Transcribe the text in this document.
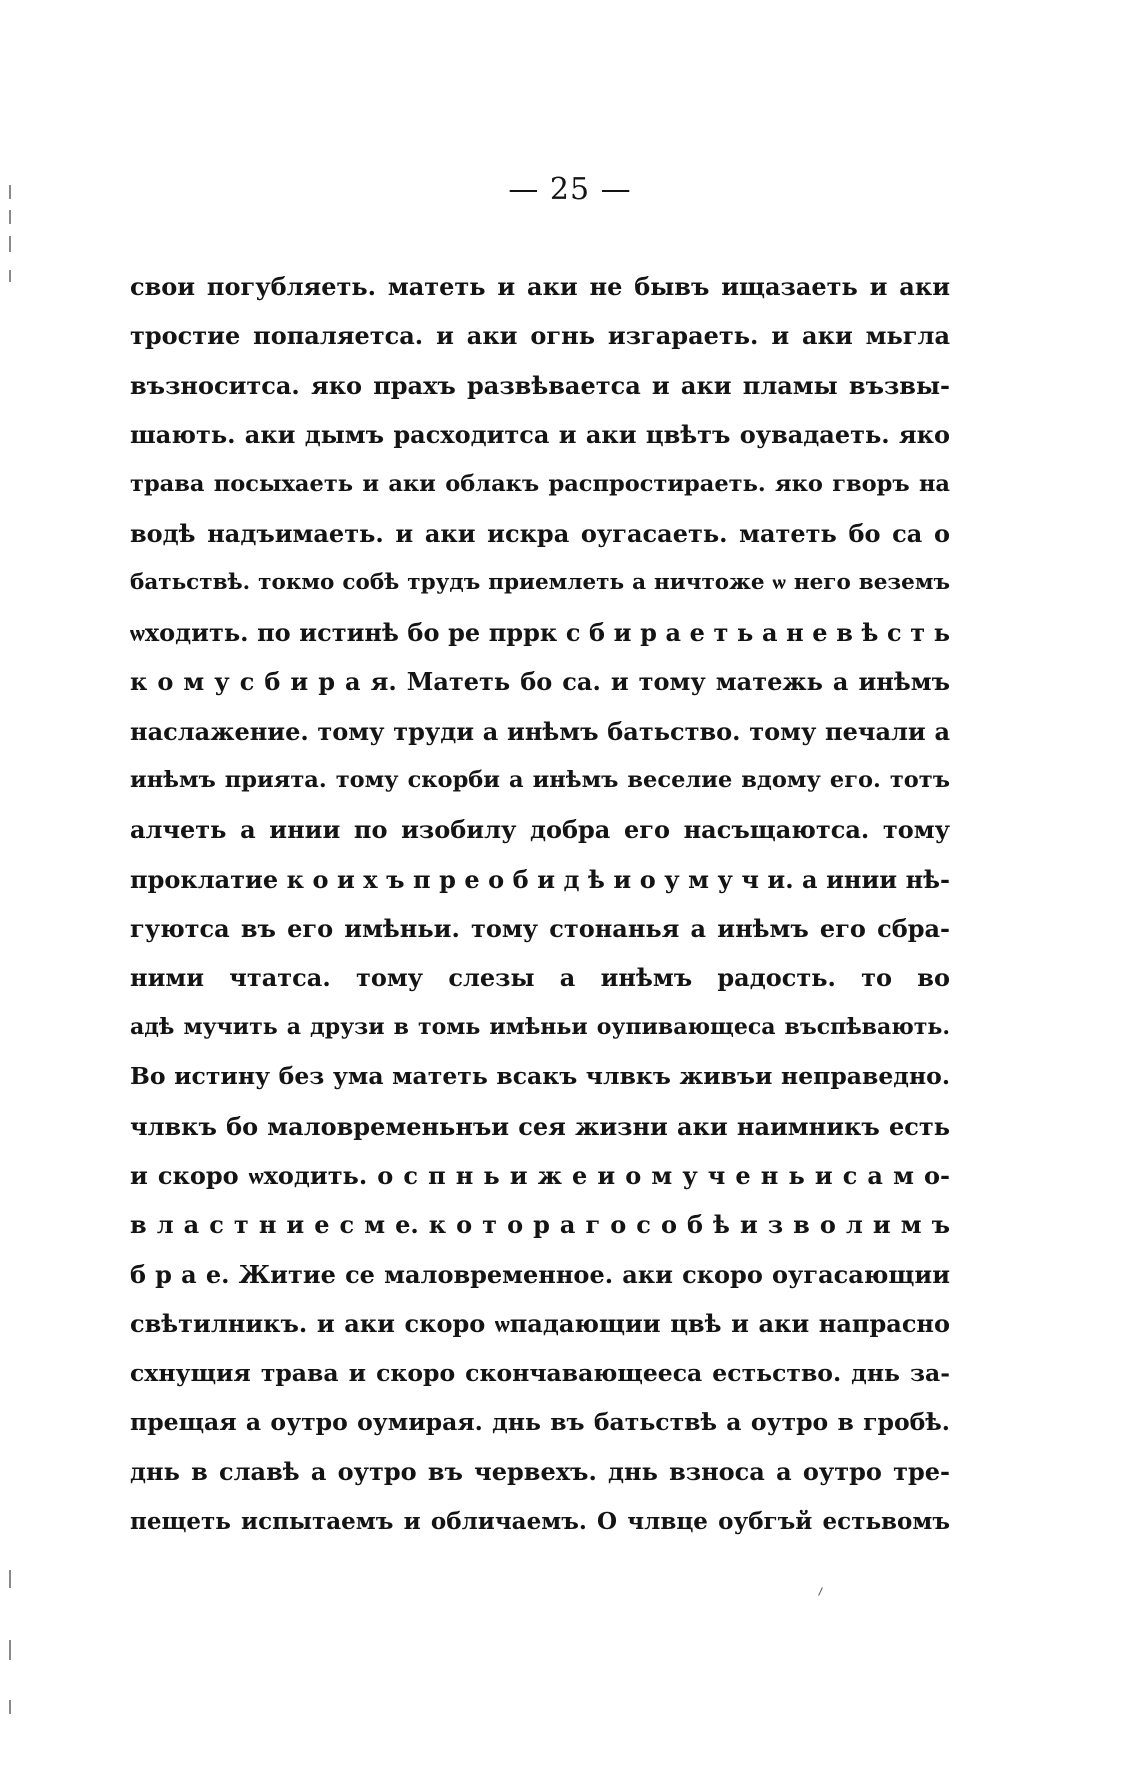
— 25 —
свои погубляеть. матеть и аки не бывъ ищазаеть и аки
тростие попаляетса. и аки огнь изгараеть. и аки мьгла
възноситса. яко прахъ развѣваетса и аки пламы възвы-
шають. аки дымъ расходитса и аки цвѣтъ оувадаеть. яко
трава посыхаеть и аки облакъ распростираеть. яко гворъ на
водѣ надъимаеть. и аки искра оугасаеть. матеть бо са о
батьствѣ. токмо собѣ трудъ приемлеть а ничтоже ѡ него веземъ
ѡходить. по истинѣ бо ре пррк с б и р а е т ь а н е в ѣ с т ь
к о м у с б и р а я. Матеть бо са. и тому матежь а инѣмъ
наслажение. тому труди а инѣмъ батьство. тому печали а
инѣмъ прията. тому скорби а инѣмъ веселие вдому его. тотъ
алчеть а инии по изобилу добра его насъщаютса. тому
проклатие к о и х ъ п р е о б и д ѣ и о у м у ч и. а инии нѣ-
гуютса въ его имѣньи. тому стонанья а инѣмъ его сбра-
ними чтатса. тому слезы а инѣмъ радость. то во
адѣ мучить а друзи в томь имѣньи оупивающеса въспѣвають.
Во истину без ума матеть всакъ члвкъ живъи неправедно.
члвкъ бо маловременьнъи сея жизни аки наимникъ есть
и скоро ѡходить. о с п н ь и ж е и о м у ч е н ь и с а м о-
в л а с т н и е с м е. к о т о р а г о с о б ѣ и з в о л и м ъ
б р а е. Житие се маловременное. аки скоро оугасающии
свѣтилникъ. и аки скоро ѡпадающии цвѣ и аки напрасно
схнущия трава и скоро скончавающееса естьство. днь за-
прещая а оутро оумирая. днь въ батьствѣ а оутро в гробѣ.
днь в славѣ а оутро въ червехъ. днь взноса а оутро тре-
пещеть испытаемъ и обличаемъ. О члвце оубгъй естьвомъ
